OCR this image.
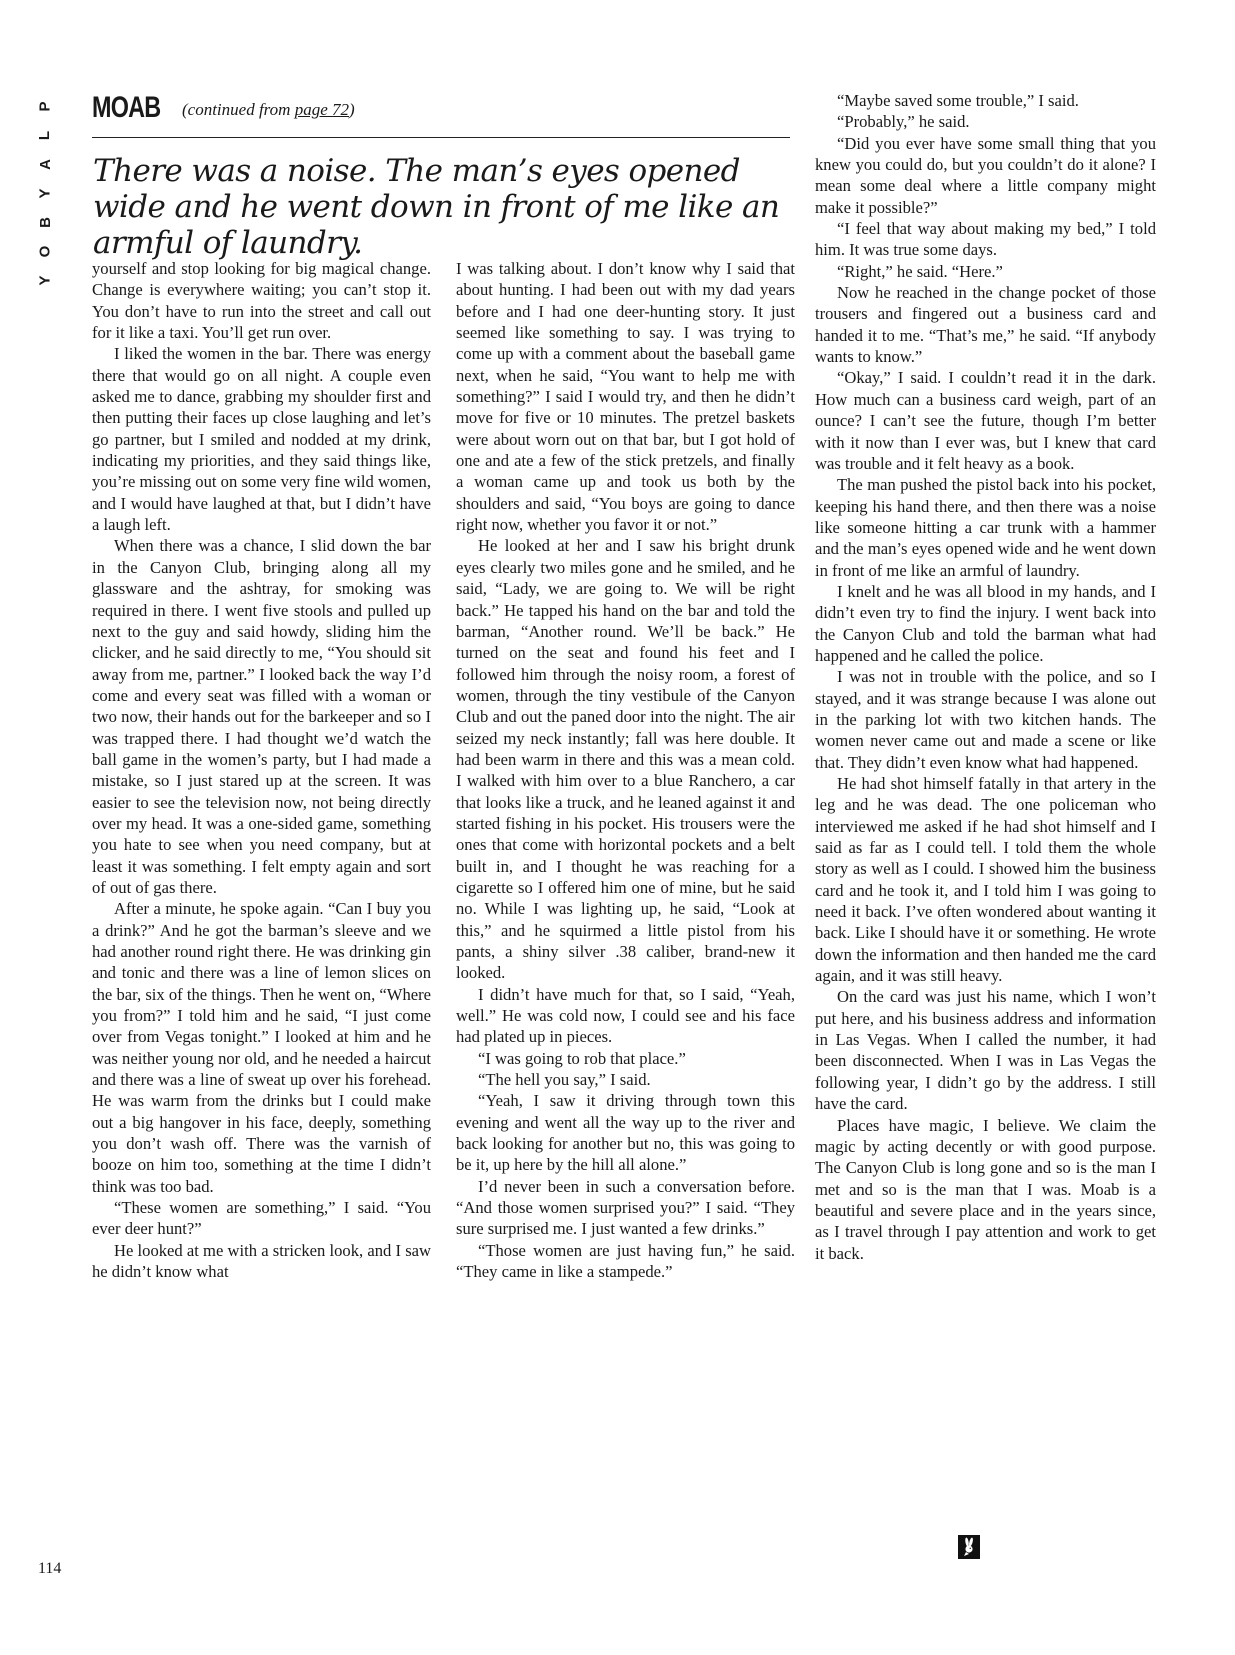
P
L
A
Y
B
O
Y
MOAB (continued from page 72)
There was a noise. The man’s eyes opened wide and he went down in front of me like an armful of laundry.

yourself and stop looking for big magical change. Change is everywhere waiting; you can’t stop it. You don’t have to run into the street and call out for it like a taxi. You’ll get run over.

I liked the women in the bar. There was energy there that would go on all night. A couple even asked me to dance, grabbing my shoulder first and then putting their faces up close laughing and let’s go partner, but I smiled and nodded at my drink, indicating my priorities, and they said things like, you’re missing out on some very fine wild women, and I would have laughed at that, but I didn’t have a laugh left.

When there was a chance, I slid down the bar in the Canyon Club, bringing along all my glassware and the ashtray, for smoking was required in there. I went five stools and pulled up next to the guy and said howdy, sliding him the clicker, and he said directly to me, “You should sit away from me, partner.” I looked back the way I’d come and every seat was filled with a woman or two now, their hands out for the barkeeper and so I was trapped there. I had thought we’d watch the ball game in the women’s party, but I had made a mistake, so I just stared up at the screen. It was easier to see the television now, not being directly over my head. It was a one-sided game, something you hate to see when you need company, but at least it was something. I felt empty again and sort of out of gas there.

After a minute, he spoke again. “Can I buy you a drink?” And he got the barman’s sleeve and we had another round right there. He was drinking gin and tonic and there was a line of lemon slices on the bar, six of the things. Then he went on, “Where you from?” I told him and he said, “I just come over from Vegas tonight.” I looked at him and he was neither young nor old, and he needed a haircut and there was a line of sweat up over his forehead. He was warm from the drinks but I could make out a big hangover in his face, deeply, something you don’t wash off. There was the varnish of booze on him too, something at the time I didn’t think was too bad.

“These women are something,” I said. “You ever deer hunt?”

He looked at me with a stricken look, and I saw he didn’t know what

I was talking about. I don’t know why I said that about hunting. I had been out with my dad years before and I had one deer-hunting story. It just seemed like something to say. I was trying to come up with a comment about the baseball game next, when he said, “You want to help me with something?” I said I would try, and then he didn’t move for five or 10 minutes. The pretzel baskets were about worn out on that bar, but I got hold of one and ate a few of the stick pretzels, and finally a woman came up and took us both by the shoulders and said, “You boys are going to dance right now, whether you favor it or not.”

He looked at her and I saw his bright drunk eyes clearly two miles gone and he smiled, and he said, “Lady, we are going to. We will be right back.” He tapped his hand on the bar and told the barman, “Another round. We’ll be back.” He turned on the seat and found his feet and I followed him through the noisy room, a forest of women, through the tiny vestibule of the Canyon Club and out the paned door into the night. The air seized my neck instantly; fall was here double. It had been warm in there and this was a mean cold. I walked with him over to a blue Ranchero, a car that looks like a truck, and he leaned against it and started fishing in his pocket. His trousers were the ones that come with horizontal pockets and a belt built in, and I thought he was reaching for a cigarette so I offered him one of mine, but he said no. While I was lighting up, he said, “Look at this,” and he squirmed a little pistol from his pants, a shiny silver .38 caliber, brand-new it looked.

I didn’t have much for that, so I said, “Yeah, well.” He was cold now, I could see and his face had plated up in pieces.

“I was going to rob that place.”

“The hell you say,” I said.

“Yeah, I saw it driving through town this evening and went all the way up to the river and back looking for another but no, this was going to be it, up here by the hill all alone.”

I’d never been in such a conversation before. “And those women surprised you?” I said. “They sure surprised me. I just wanted a few drinks.”

“Those women are just having fun,” he said. “They came in like a stampede.”

“Maybe saved some trouble,” I said.

“Probably,” he said.

“Did you ever have some small thing that you knew you could do, but you couldn’t do it alone? I mean some deal where a little company might make it possible?”

“I feel that way about making my bed,” I told him. It was true some days.

“Right,” he said. “Here.”

Now he reached in the change pocket of those trousers and fingered out a business card and handed it to me. “That’s me,” he said. “If anybody wants to know.”

“Okay,” I said. I couldn’t read it in the dark. How much can a business card weigh, part of an ounce? I can’t see the future, though I’m better with it now than I ever was, but I knew that card was trouble and it felt heavy as a book.

The man pushed the pistol back into his pocket, keeping his hand there, and then there was a noise like someone hitting a car trunk with a hammer and the man’s eyes opened wide and he went down in front of me like an armful of laundry.

I knelt and he was all blood in my hands, and I didn’t even try to find the injury. I went back into the Canyon Club and told the barman what had happened and he called the police.

I was not in trouble with the police, and so I stayed, and it was strange because I was alone out in the parking lot with two kitchen hands. The women never came out and made a scene or like that. They didn’t even know what had happened.

He had shot himself fatally in that artery in the leg and he was dead. The one policeman who interviewed me asked if he had shot himself and I said as far as I could tell. I told them the whole story as well as I could. I showed him the business card and he took it, and I told him I was going to need it back. I’ve often wondered about wanting it back. Like I should have it or something. He wrote down the information and then handed me the card again, and it was still heavy.

On the card was just his name, which I won’t put here, and his business address and information in Las Vegas. When I called the number, it had been disconnected. When I was in Las Vegas the following year, I didn’t go by the address. I still have the card.

Places have magic, I believe. We claim the magic by acting decently or with good purpose. The Canyon Club is long gone and so is the man I met and so is the man that I was. Moab is a beautiful and severe place and in the years since, as I travel through I pay attention and work to get it back.

114
